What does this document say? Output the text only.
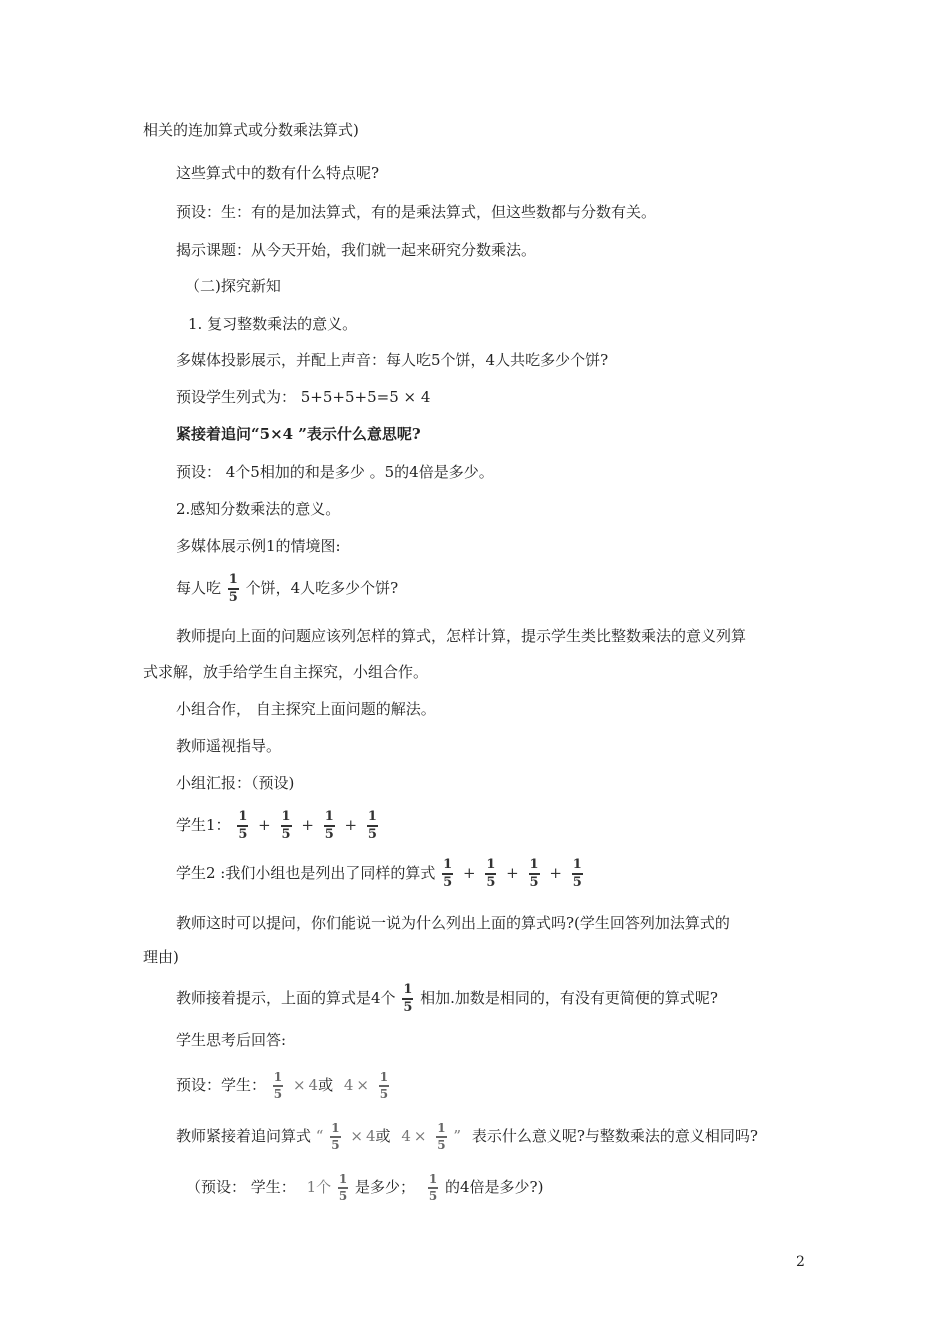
相关的连加算式或分数乘法算式)
这些算式中的数有什么特点呢?
预设：生：有的是加法算式，有的是乘法算式，但这些数都与分数有关。
揭示课题：从今天开始，我们就一起来研究分数乘法。
（二)探究新知
1. 复习整数乘法的意义。
多媒体投影展示，并配上声音：每人吃5个饼，4人共吃多少个饼?
预设学生列式为： 5+5+5+5=5 × 4
紧接着追问“5×4 ”表示什么意思呢?
预设： 4个5相加的和是多少 。5的4倍是多少。
2.感知分数乘法的意义。
多媒体展示例1的情境图:
每人吃 $\frac{1}{5}$ 个饼，4人吃多少个饼?
教师提向上面的问题应该列怎样的算式，怎样计算，提示学生类比整数乘法的意义列算
式求解，放手给学生自主探究，小组合作。
小组合作， 自主探究上面问题的解法。
教师遥视指导。
小组汇报：（预设)
学生1： $\frac{1}{5} + \frac{1}{5} + \frac{1}{5} + \frac{1}{5}$
学生2 :我们小组也是列出了同样的算式 $\frac{1}{5} + \frac{1}{5} + \frac{1}{5} + \frac{1}{5}$
教师这时可以提问，你们能说一说为什么列出上面的算式吗?(学生回答列加法算式的
理由)
教师接着提示，上面的算式是4个 $\frac{1}{5}$ 相加.加数是相同的，有没有更简便的算式呢?
学生思考后回答:
预设：学生： $\frac{1}{5} \times 4$或 $4 \times \frac{1}{5}$
教师紧接着追问算式 “ $\frac{1}{5} \times 4$或 $4 \times \frac{1}{5}$ ” 表示什么意义呢?与整数乘法的意义相同吗?
（预设： 学生： 1个 $\frac{1}{5}$ 是多少； $\frac{1}{5}$ 的4倍是多少?)
2
